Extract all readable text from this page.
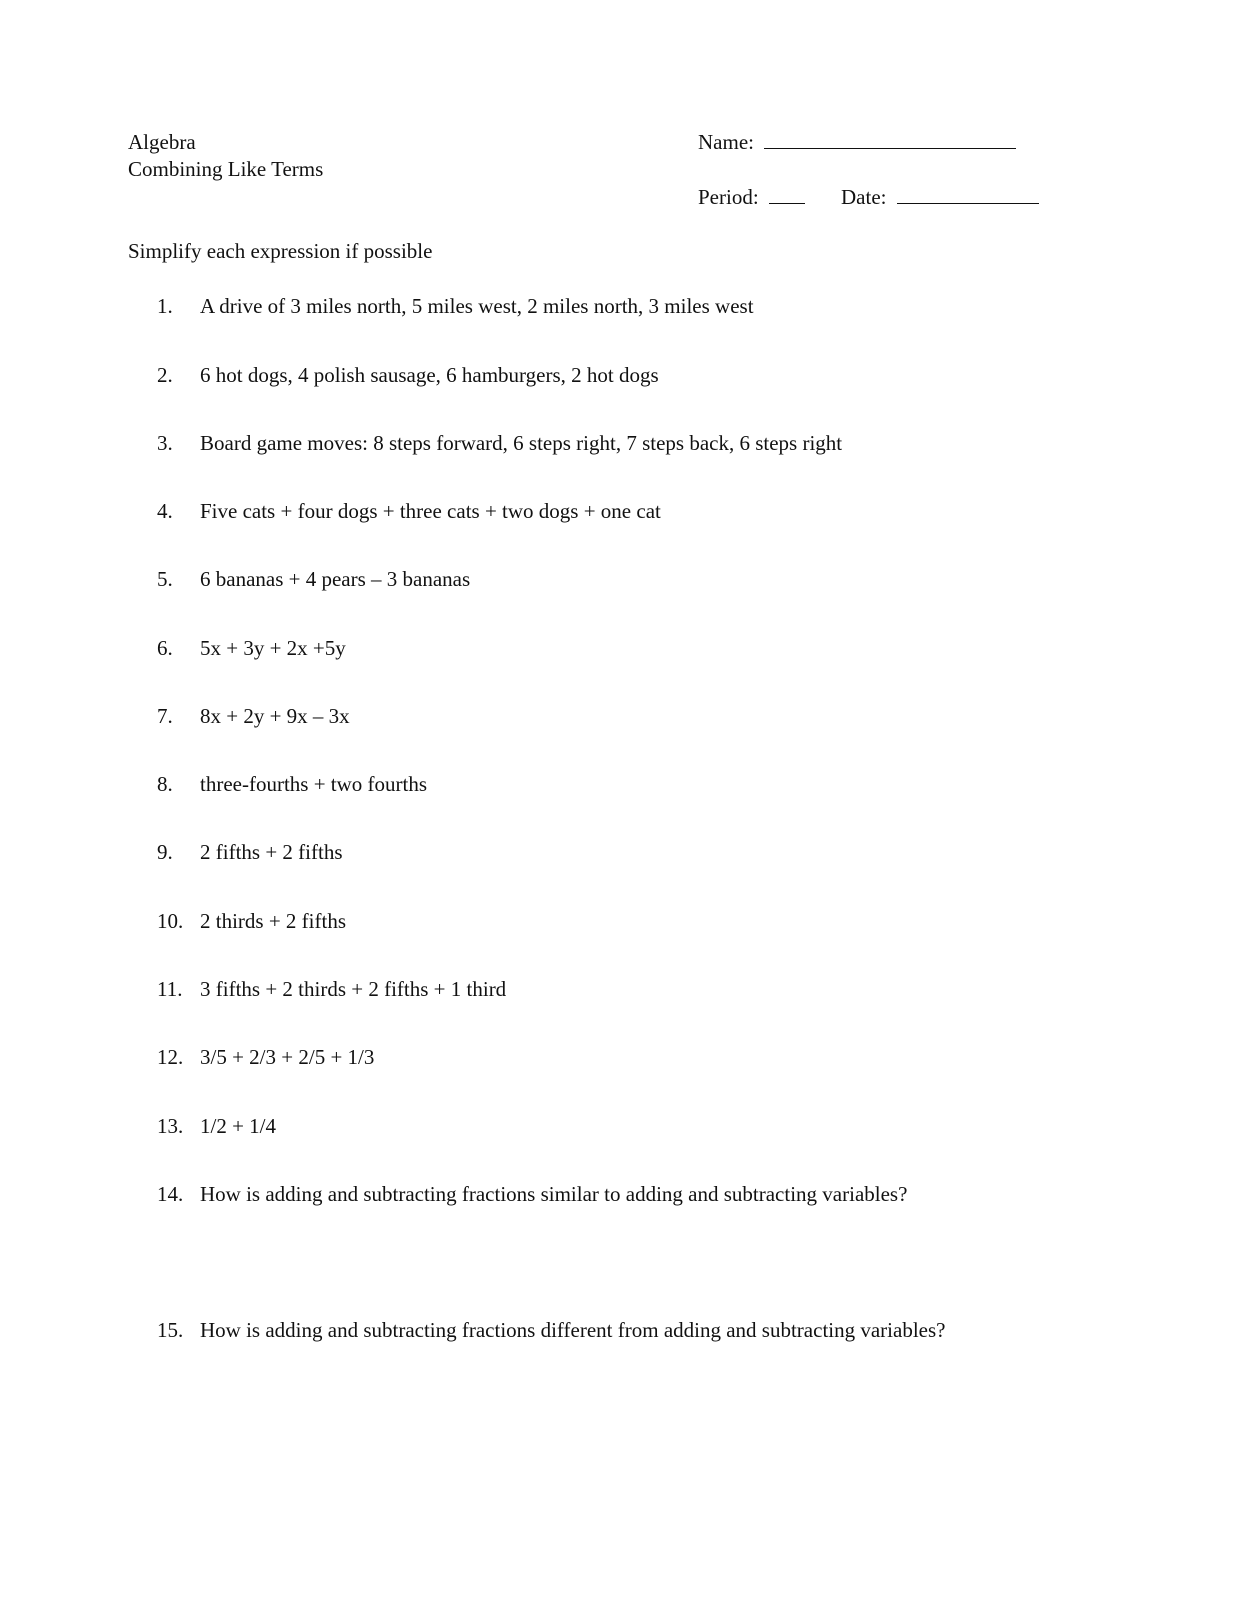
Algebra
Combining Like Terms
Name:
Period:	Date:
Simplify each expression if possible
1. A drive of 3 miles north, 5 miles west, 2 miles north, 3 miles west
2. 6 hot dogs, 4 polish sausage, 6 hamburgers, 2 hot dogs
3. Board game moves: 8 steps forward, 6 steps right, 7 steps back, 6 steps right
4. Five cats + four dogs + three cats + two dogs + one cat
5. 6 bananas + 4 pears – 3 bananas
6. 5x + 3y + 2x +5y
7. 8x + 2y + 9x – 3x
8. three-fourths + two fourths
9. 2 fifths + 2 fifths
10. 2 thirds + 2 fifths
11. 3 fifths + 2 thirds + 2 fifths + 1 third
12. 3/5 + 2/3 + 2/5 + 1/3
13. 1/2 + 1/4
14. How is adding and subtracting fractions similar to adding and subtracting variables?
15. How is adding and subtracting fractions different from adding and subtracting variables?
